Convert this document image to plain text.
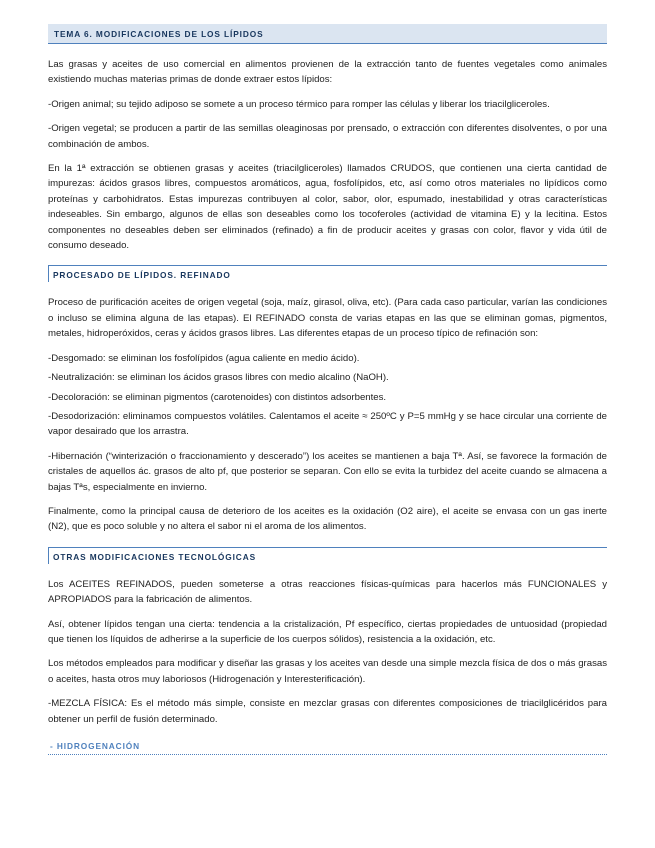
TEMA 6. MODIFICACIONES DE LOS LÍPIDOS

Las grasas y aceites de uso comercial en alimentos provienen de la extracción tanto de fuentes vegetales como animales existiendo muchas materias primas de donde extraer estos lípidos:

-Origen animal; su tejido adiposo se somete a un proceso térmico para romper las células y liberar los triacilgliceroles.

-Origen vegetal; se producen a partir de las semillas oleaginosas por prensado, o extracción con diferentes disolventes, o por una combinación de ambos.

En la 1ª extracción se obtienen grasas y aceites (triacilgliceroles) llamados CRUDOS, que contienen una cierta cantidad de impurezas: ácidos grasos libres, compuestos aromáticos, agua, fosfolípidos, etc, así como otros materiales no lipídicos como proteínas y carbohidratos. Estas impurezas contribuyen al color, sabor, olor, espumado, inestabilidad y otras características indeseables. Sin embargo, algunos de ellas son deseables como los tocoferoles (actividad de vitamina E) y la lecitina. Estos componentes no deseables deben ser eliminados (refinado) a fin de producir aceites y grasas con color, flavor y vida útil de consumo deseado.

PROCESADO DE LÍPIDOS. REFINADO

Proceso de purificación aceites de origen vegetal (soja, maíz, girasol, oliva, etc). (Para cada caso particular, varían las condiciones o incluso se elimina alguna de las etapas). El REFINADO consta de varias etapas en las que se eliminan gomas, pigmentos, metales, hidroperóxidos, ceras y ácidos grasos libres. Las diferentes etapas de un proceso típico de refinación son:

-Desgomado: se eliminan los fosfolípidos (agua caliente en medio ácido).

-Neutralización: se eliminan los ácidos grasos libres con medio alcalino (NaOH).

-Decoloración: se eliminan pigmentos (carotenoides) con distintos adsorbentes.

-Desodorización: eliminamos compuestos volátiles. Calentamos el aceite ≈ 250ºC y P=5 mmHg y se hace circular una corriente de vapor desairado que los arrastra.

-Hibernación (“winterización o fraccionamiento y descerado”) los aceites se mantienen a baja Tª. Así, se favorece la formación de cristales de aquellos ác. grasos de alto pf, que posterior se separan. Con ello se evita la turbidez del aceite cuando se almacena a bajas Tªs, especialmente en invierno.

Finalmente, como la principal causa de deterioro de los aceites es la oxidación (O2 aire), el aceite se envasa con un gas inerte (N2), que es poco soluble y no altera el sabor ni el aroma de los alimentos.

OTRAS MODIFICACIONES TECNOLÓGICAS

Los ACEITES REFINADOS, pueden someterse a otras reacciones físicas-químicas para hacerlos más FUNCIONALES y APROPIADOS para la fabricación de alimentos.

Así, obtener lípidos tengan una cierta: tendencia a la cristalización, Pf específico, ciertas propiedades de untuosidad (propiedad que tienen los líquidos de adherirse a la superficie de los cuerpos sólidos), resistencia a la oxidación, etc.

Los métodos empleados para modificar y diseñar las grasas y los aceites van desde una simple mezcla física de dos o más grasas o aceites, hasta otros muy laboriosos (Hidrogenación y Interesterificación).

-MEZCLA FÍSICA: Es el método más simple, consiste en mezclar grasas con diferentes composiciones de triacilglicéridos para obtener un perfil de fusión determinado.

- HIDROGENACIÓN
